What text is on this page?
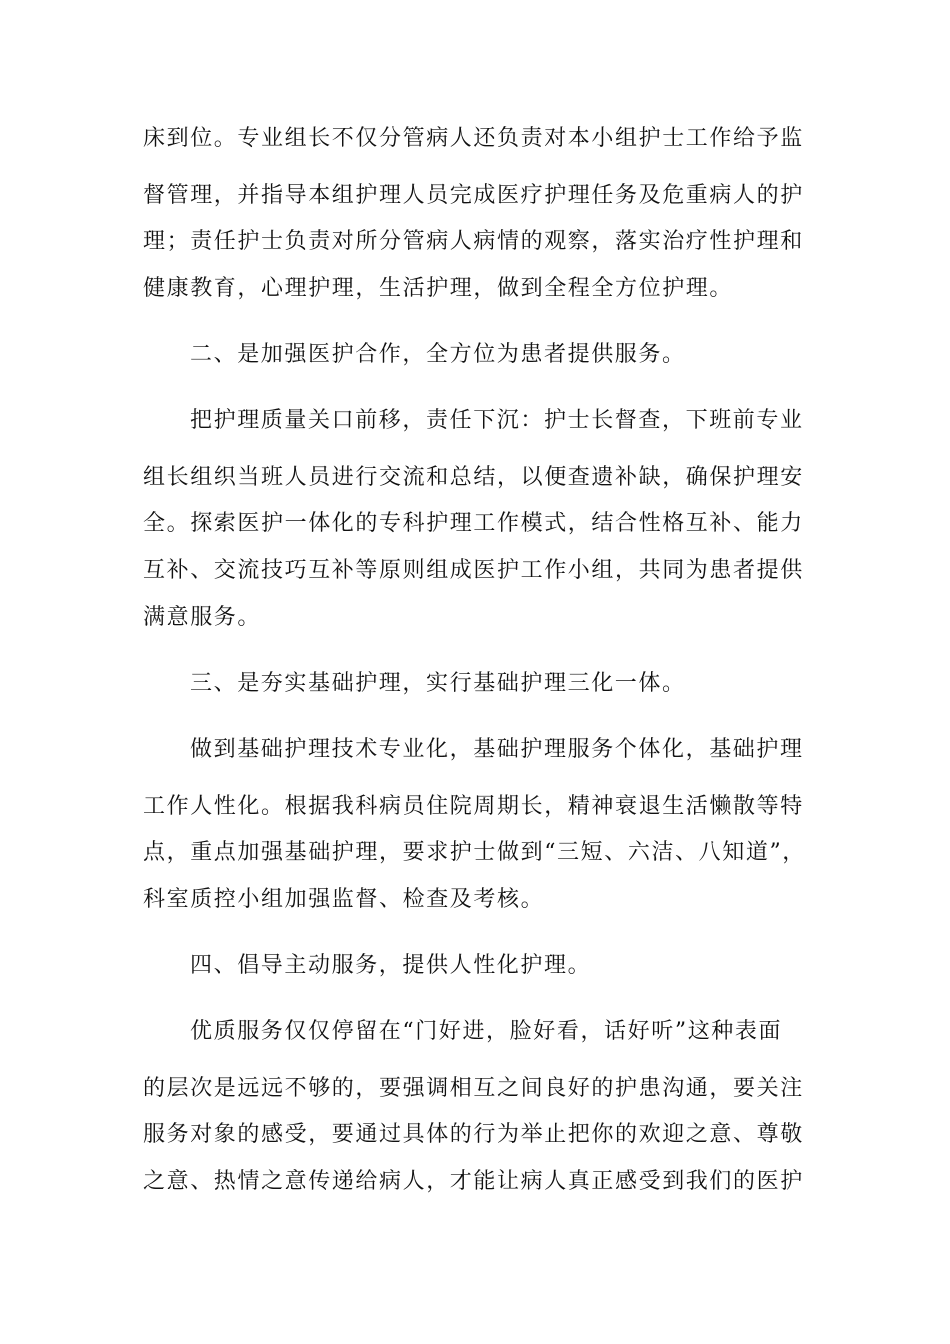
床到位。专业组长不仅分管病人还负责对本小组护士工作给予监
督管理，并指导本组护理人员完成医疗护理任务及危重病人的护
理；责任护士负责对所分管病人病情的观察，落实治疗性护理和
健康教育，心理护理，生活护理，做到全程全方位护理。
二、是加强医护合作，全方位为患者提供服务。
把护理质量关口前移，责任下沉：护士长督查，下班前专业
组长组织当班人员进行交流和总结，以便查遗补缺，确保护理安
全。探索医护一体化的专科护理工作模式，结合性格互补、能力
互补、交流技巧互补等原则组成医护工作小组，共同为患者提供
满意服务。
三、是夯实基础护理，实行基础护理三化一体。
做到基础护理技术专业化，基础护理服务个体化，基础护理
工作人性化。根据我科病员住院周期长，精神衰退生活懒散等特
点，重点加强基础护理，要求护士做到“三短、六洁、八知道”，
科室质控小组加强监督、检查及考核。
四、倡导主动服务，提供人性化护理。
优质服务仅仅停留在“门好进，脸好看，话好听”这种表面
的层次是远远不够的，要强调相互之间良好的护患沟通，要关注
服务对象的感受，要通过具体的行为举止把你的欢迎之意、尊敬
之意、热情之意传递给病人，才能让病人真正感受到我们的医护
